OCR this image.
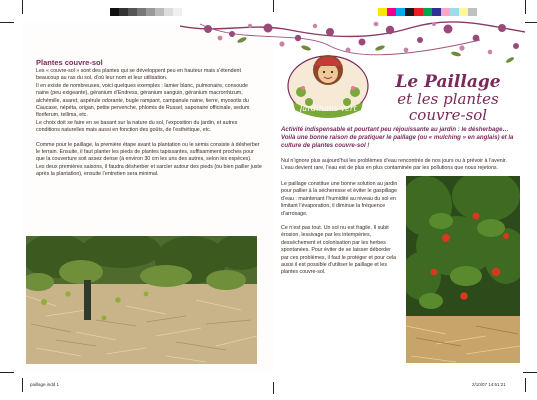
Plantes couvre-sol

Les « couvre-sol » sont des plantes qui se développent peu en hauteur mais s’étendent beaucoup au ras du sol, d’où leur nom et leur utilisation.

Il en existe de nombreuses, voici quelques exemples : lamier blanc, pulmonaire, consoude naine (peu exigeante), géranium d’Endress, géranium sanguin, géranium macrorrhizum, alchémille, asaret, aspérule odorante, bugle rampant, campanule naine, lierre, myosotis du Caucase, népéta, origan, petite pervenche, phlomis de Russel, saponaire officinale, sedum floriferum, tellima, etc.

Le choix doit se faire en se basant sur la nature du sol, l’exposition du jardin, et autres conditions naturelles mais aussi en fonction des goûts, de l’esthétique, etc.

Comme pour le paillage, la première étape avant la plantation ou le semis consiste à désherber le terrain. Ensuite, il faut planter les pieds de plantes tapissantes, suffisamment proches pour que la couverture soit assez dense (à environ 30 cm les uns des autres, selon les espèces).

Les deux premières saisons, il faudra désherber et sarcler autour des pieds (ou bien pailler juste après la plantation), ensuite l’entretien sera minimal.

Jardinons vert
Le Paillage
et les plantes
couvre-sol
Activité indispensable et pourtant peu réjouissante au jardin : le désherbage… Voilà une bonne raison de pratiquer le paillage (ou « mulching » en anglais) et la culture de plantes couvre-sol !

Nul n’ignore plus aujourd’hui les problèmes d’eau rencontrés de nos jours ou à prévoir à l’avenir. L’eau devient rare, l’eau est de plus en plus contaminée par les pollutions que nous rejetons.

Le paillage constitue une bonne solution au jardin pour pallier à la sécheresse et éviter le gaspillage d’eau : maintenant l’humidité au niveau du sol en limitant l’évaporation, il diminue la fréquence d’arrosage.

Ce n’est pas tout. Un sol nu est fragile. Il subit érosion, lessivage par les intempéries, dessèchement et colonisation par les herbes spontanées. Pour éviter de se laisser déborder par ces problèmes, il faut le protéger et pour cela aussi il est possible d’utiliser le paillage et les plantes couvre-sol.

paillage.indd 1	2/10/07 14:51:21
